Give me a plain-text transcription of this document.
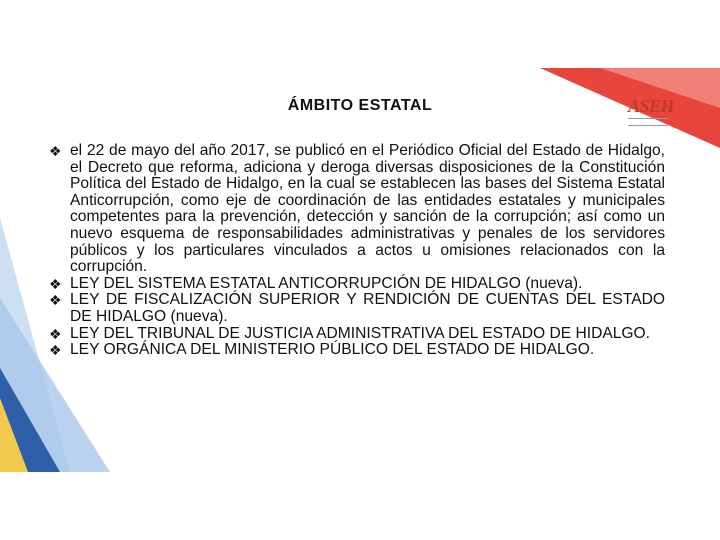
ASEH
ÁMBITO ESTATAL
❖ el 22 de mayo del año 2017, se publicó en el Periódico Oficial del Estado de Hidalgo, el Decreto que reforma, adiciona y deroga diversas disposiciones de la Constitución Política del Estado de Hidalgo, en la cual se establecen las bases del Sistema Estatal Anticorrupción, como eje de coordinación de las entidades estatales y municipales competentes para la prevención, detección y sanción de la corrupción; así como un nuevo esquema de responsabilidades administrativas y penales de los servidores públicos y los particulares vinculados a actos u omisiones relacionados con la corrupción.
❖ LEY DEL SISTEMA ESTATAL ANTICORRUPCIÓN DE HIDALGO (nueva).
❖ LEY DE FISCALIZACIÓN SUPERIOR Y RENDICIÓN DE CUENTAS DEL ESTADO DE HIDALGO (nueva).
❖ LEY DEL TRIBUNAL DE JUSTICIA ADMINISTRATIVA DEL ESTADO DE HIDALGO.
❖ LEY ORGÁNICA DEL MINISTERIO PÚBLICO DEL ESTADO DE HIDALGO.
